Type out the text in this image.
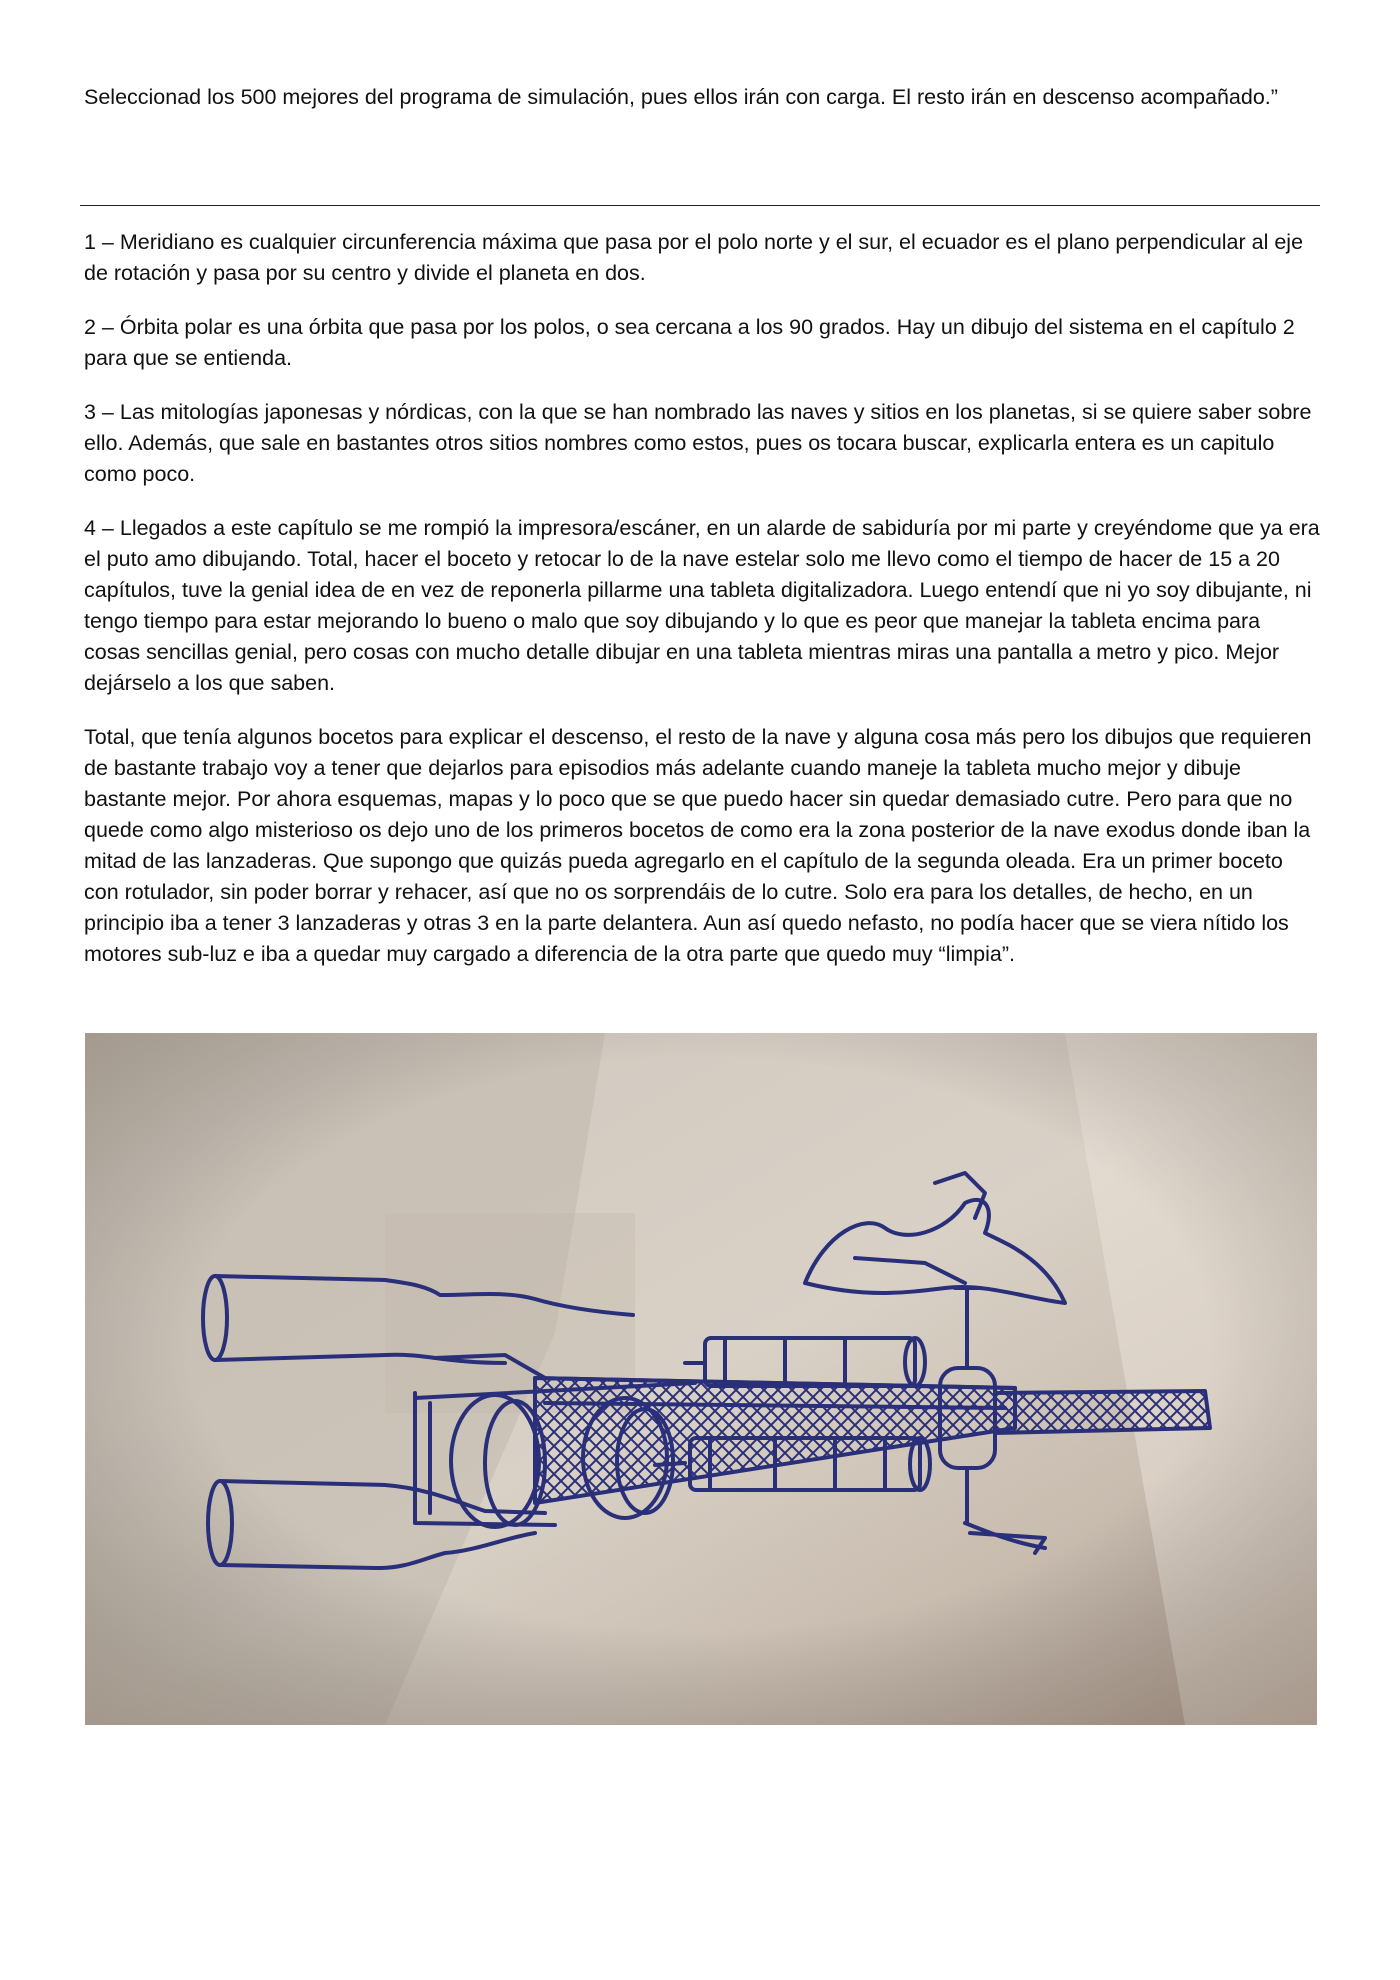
Seleccionad los 500 mejores del programa de simulación, pues ellos irán con carga. El resto irán en descenso acompañado.”

1 – Meridiano es cualquier circunferencia máxima que pasa por el polo norte y el sur, el ecuador es el plano perpendicular al eje de rotación y pasa por su centro y divide el planeta en dos.

2 – Órbita polar es una órbita que pasa por los polos, o sea cercana a los 90 grados. Hay un dibujo del sistema en el capítulo 2 para que se entienda.

3 – Las mitologías japonesas y nórdicas, con la que se han nombrado las naves y sitios en los planetas, si se quiere saber sobre ello. Además, que sale en bastantes otros sitios nombres como estos, pues os tocara buscar, explicarla entera es un capitulo como poco.

4 – Llegados a este capítulo se me rompió la impresora/escáner, en un alarde de sabiduría por mi parte y creyéndome que ya era el puto amo dibujando. Total, hacer el boceto y retocar lo de la nave estelar solo me llevo como el tiempo de hacer de 15 a 20 capítulos, tuve la genial idea de en vez de reponerla pillarme una tableta digitalizadora. Luego entendí que ni yo soy dibujante, ni tengo tiempo para estar mejorando lo bueno o malo que soy dibujando y lo que es peor que manejar la tableta encima para cosas sencillas genial, pero cosas con mucho detalle dibujar en una tableta mientras miras una pantalla a metro y pico. Mejor dejárselo a los que saben.

Total, que tenía algunos bocetos para explicar el descenso, el resto de la nave y alguna cosa más pero los dibujos que requieren de bastante trabajo voy a tener que dejarlos para episodios más adelante cuando maneje la tableta mucho mejor y dibuje bastante mejor. Por ahora esquemas, mapas y lo poco que se que puedo hacer sin quedar demasiado cutre. Pero para que no quede como algo misterioso os dejo uno de los primeros bocetos de como era la zona posterior de la nave exodus donde iban la mitad de las lanzaderas. Que supongo que quizás pueda agregarlo en el capítulo de la segunda oleada. Era un primer boceto con rotulador, sin poder borrar y rehacer, así que no os sorprendáis de lo cutre. Solo era para los detalles, de hecho, en un principio iba a tener 3 lanzaderas y otras 3 en la parte delantera. Aun así quedo nefasto, no podía hacer que se viera nítido los motores sub-luz e iba a quedar muy cargado a diferencia de la otra parte que quedo muy “limpia”.
